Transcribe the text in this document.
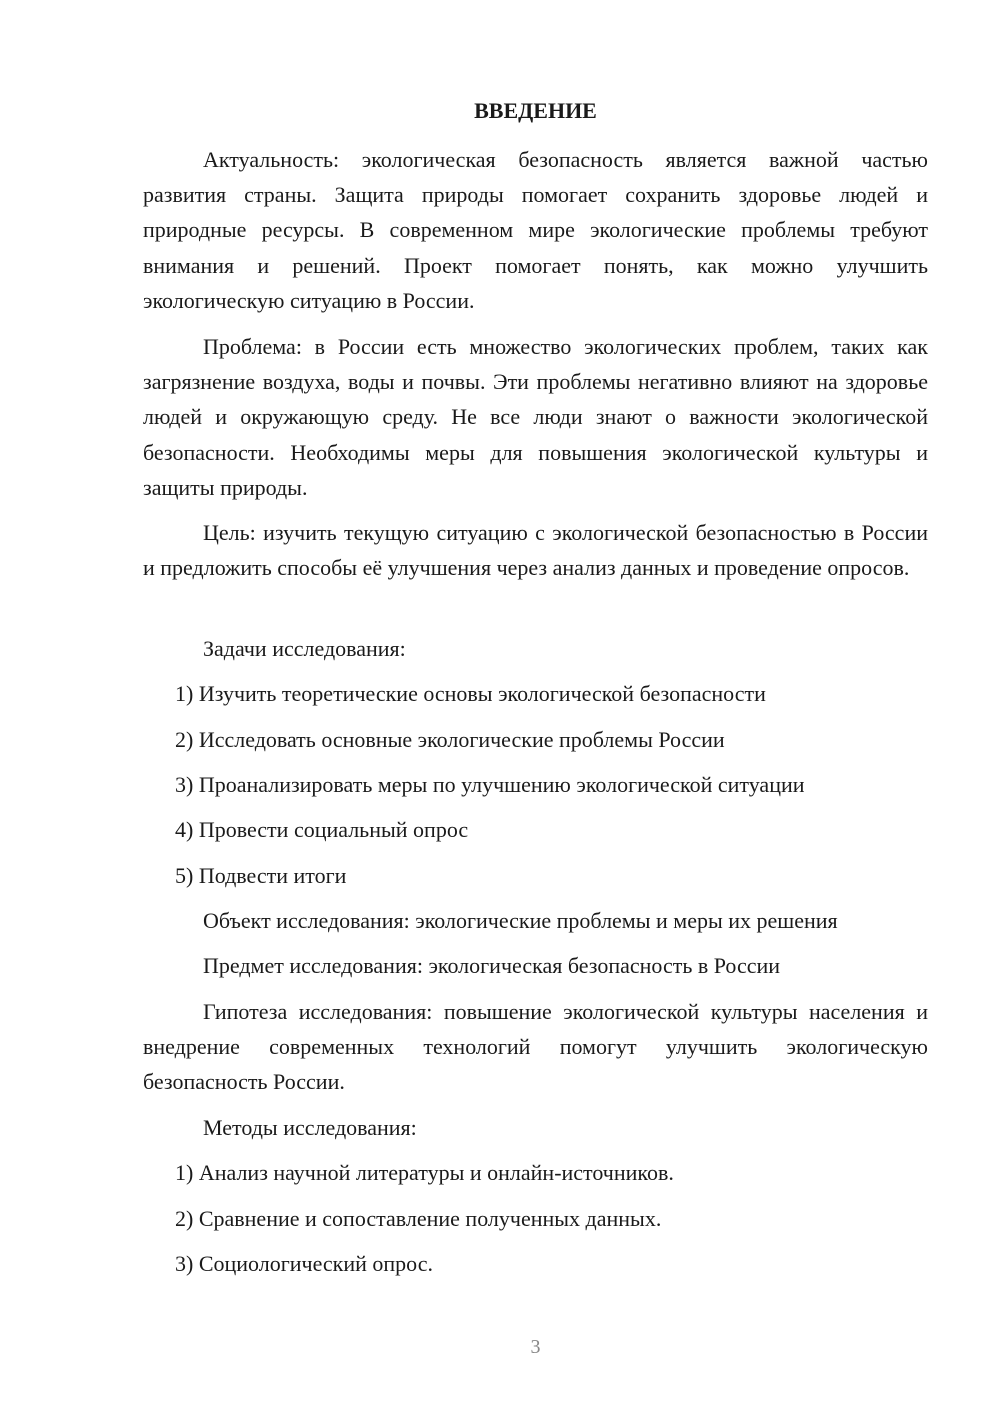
ВВЕДЕНИЕ

Актуальность: экологическая безопасность является важной частью развития страны. Защита природы помогает сохранить здоровье людей и природные ресурсы. В современном мире экологические проблемы требуют внимания и решений. Проект помогает понять, как можно улучшить экологическую ситуацию в России.

Проблема: в России есть множество экологических проблем, таких как загрязнение воздуха, воды и почвы. Эти проблемы негативно влияют на здоровье людей и окружающую среду. Не все люди знают о важности экологической безопасности. Необходимы меры для повышения экологической культуры и защиты природы.

Цель: изучить текущую ситуацию с экологической безопасностью в России и предложить способы её улучшения через анализ данных и проведение опросов.

Задачи исследования:

1) Изучить теоретические основы экологической безопасности

2) Исследовать основные экологические проблемы России

3) Проанализировать меры по улучшению экологической ситуации

4) Провести социальный опрос

5) Подвести итоги

Объект исследования: экологические проблемы и меры их решения

Предмет исследования: экологическая безопасность в России

Гипотеза исследования: повышение экологической культуры населения и внедрение современных технологий помогут улучшить экологическую безопасность России.

Методы исследования:

1) Анализ научной литературы и онлайн-источников.

2) Сравнение и сопоставление полученных данных.

3) Социологический опрос.

3
